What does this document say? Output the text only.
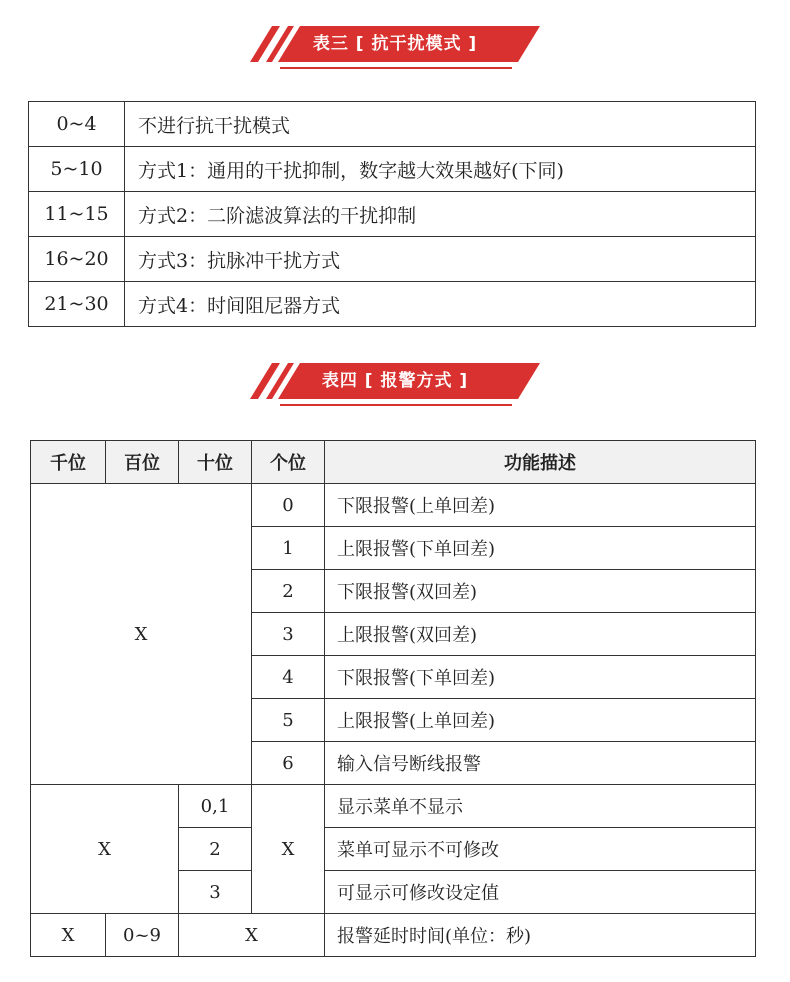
表三 [ 抗干扰模式 ]
0~4	不进行抗干扰模式
5~10	方式1：通用的干扰抑制，数字越大效果越好(下同)
11~15	方式2：二阶滤波算法的干扰抑制
16~20	方式3：抗脉冲干扰方式
21~30	方式4：时间阻尼器方式
表四 [ 报警方式 ]
千位	百位	十位	个位	功能描述
X			0	下限报警(上单回差)
			1	上限报警(下单回差)
			2	下限报警(双回差)
			3	上限报警(双回差)
			4	下限报警(下单回差)
			5	上限报警(上单回差)
			6	输入信号断线报警
X		0,1	X	显示菜单不显示
		2		菜单可显示不可修改
		3		可显示可修改设定值
X	0~9	X		报警延时时间(单位：秒)
